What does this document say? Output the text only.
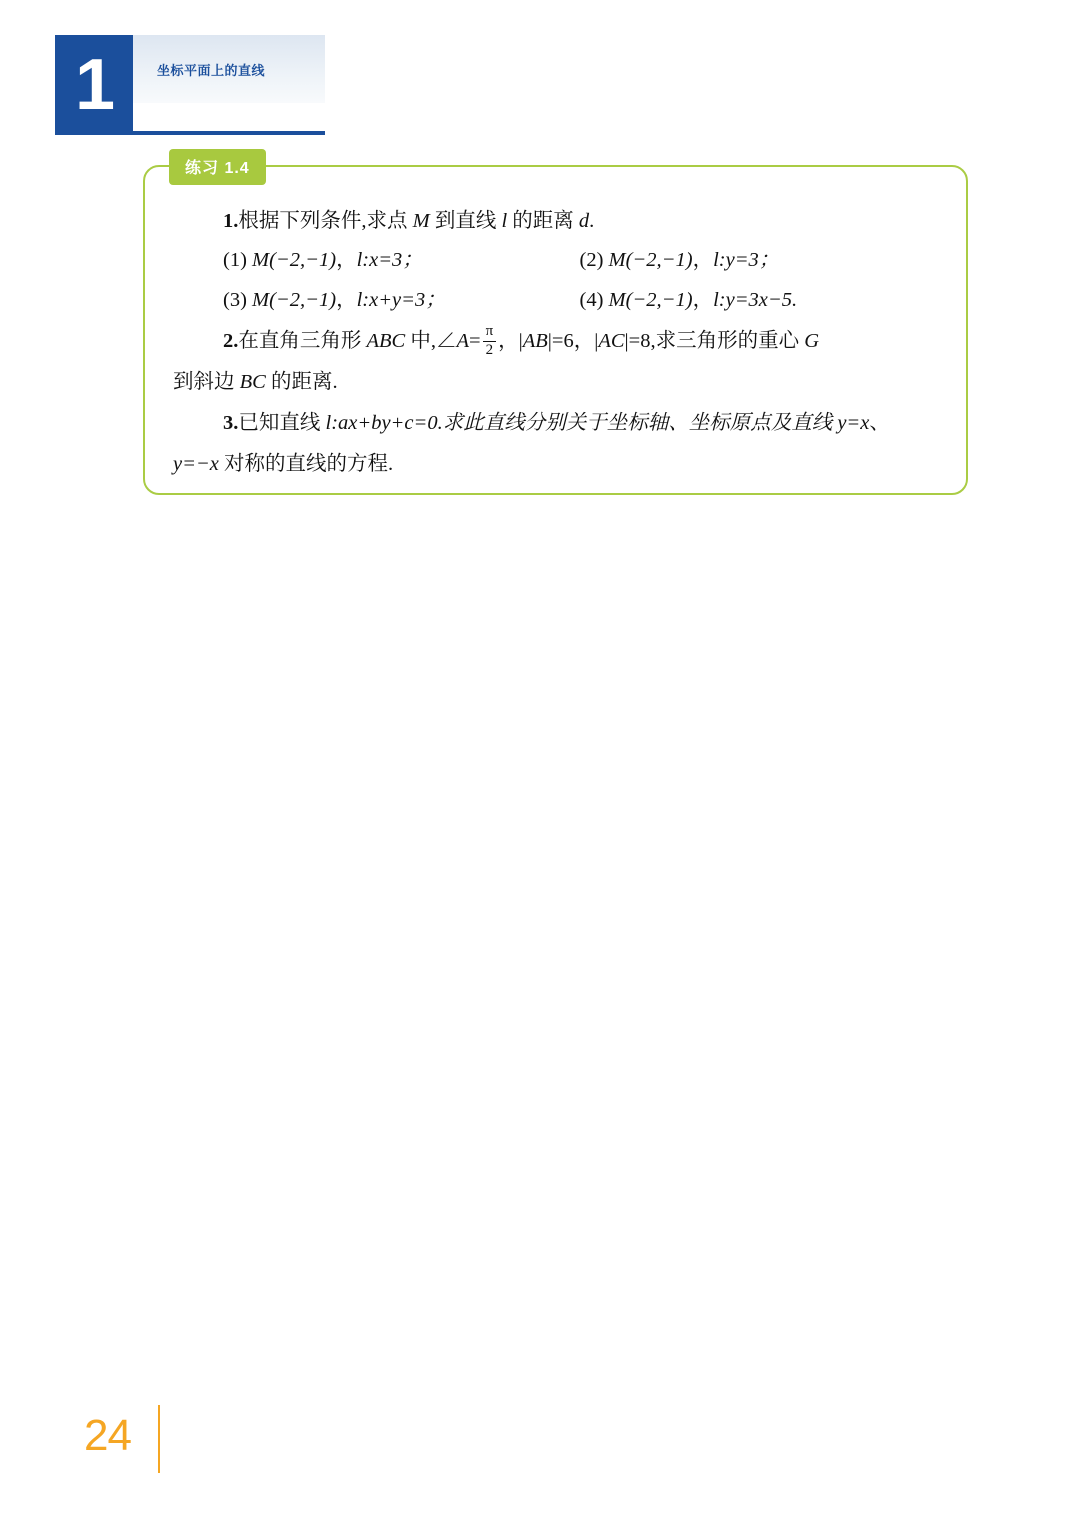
1	坐标平面上的直线
练习 1.4
1.根据下列条件,求点 M 到直线 l 的距离 d.
(1) M(−2,−1)，l:x=3；	(2) M(−2,−1)，l:y=3；
(3) M(−2,−1)，l:x+y=3；	(4) M(−2,−1)，l:y=3x−5.
2.在直角三角形 ABC 中,∠A= $\frac{\pi}{2}$ ，|AB|=6，|AC|=8,求三角形的重心 G
到斜边 BC 的距离.
3.已知直线 l:ax+by+c=0.求此直线分别关于坐标轴、坐标原点及直线 y=x、
y=−x 对称的直线的方程.
24
